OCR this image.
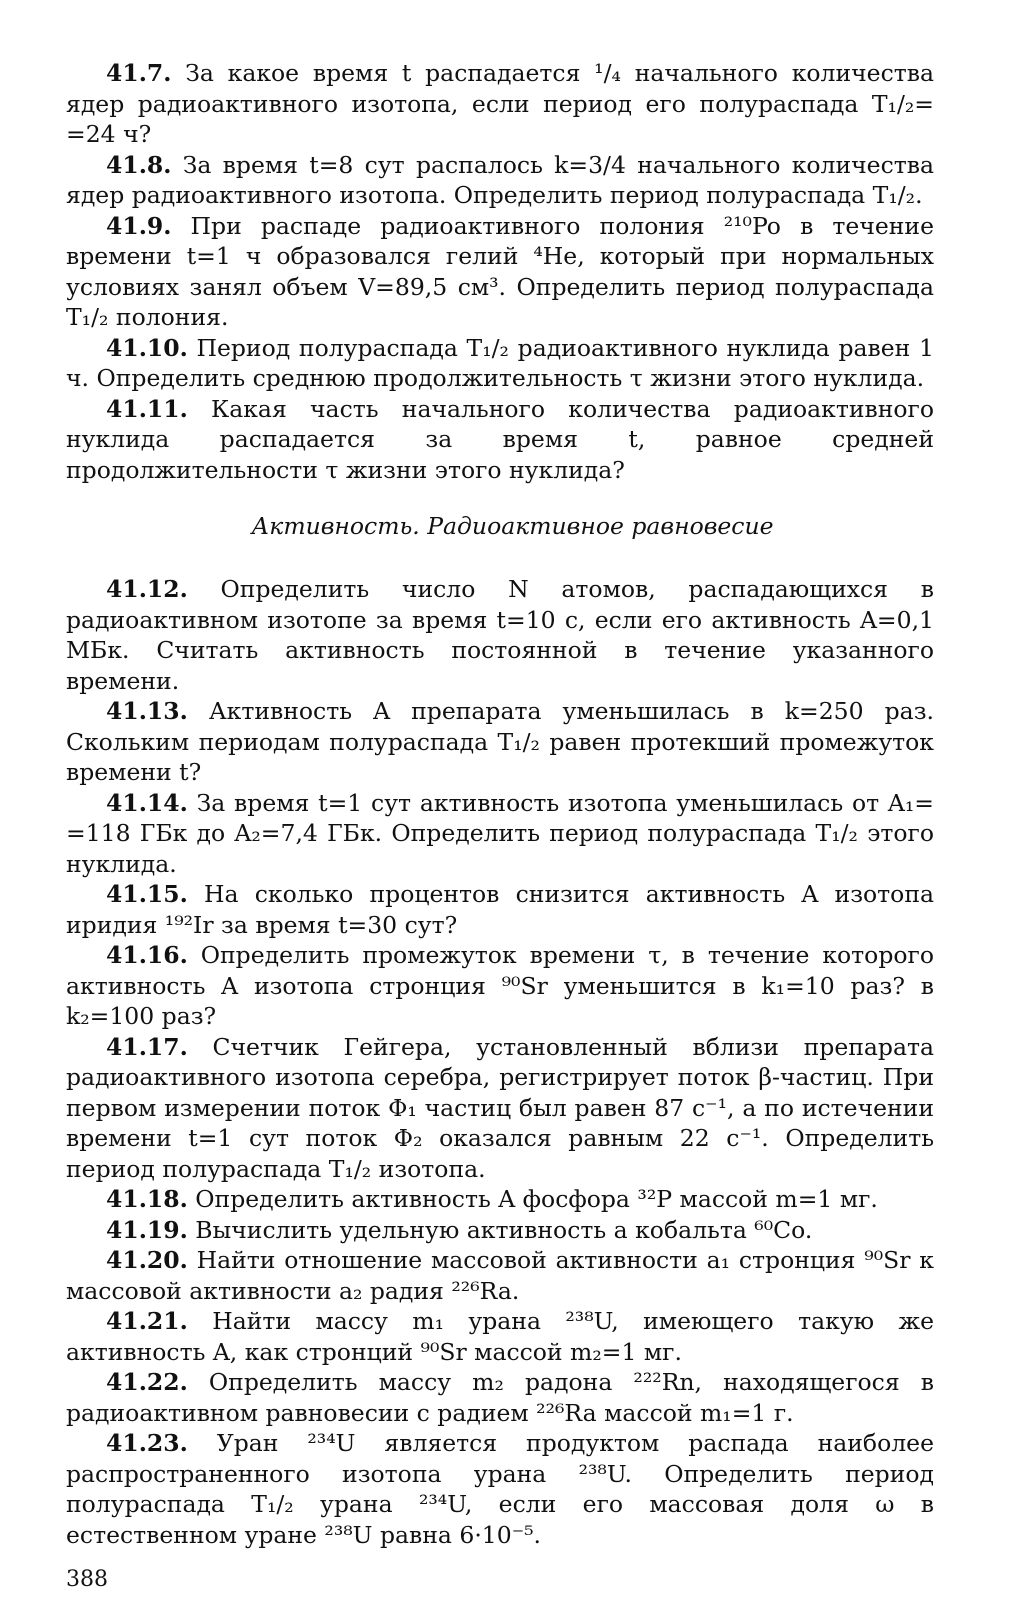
41.7. За какое время t распадается ¹/₄ начального количества ядер радиоактивного изотопа, если период его полураспада T₁/₂= =24 ч?

41.8. За время t=8 сут распалось k=3/4 начального количества ядер радиоактивного изотопа. Определить период полураспада T₁/₂.

41.9. При распаде радиоактивного полония ²¹⁰Po в течение времени t=1 ч образовался гелий ⁴He, который при нормальных условиях занял объем V=89,5 см³. Определить период полураспада T₁/₂ полония.

41.10. Период полураспада T₁/₂ радиоактивного нуклида равен 1 ч. Определить среднюю продолжительность τ жизни этого нуклида.

41.11. Какая часть начального количества радиоактивного нуклида распадается за время t, равное средней продолжительности τ жизни этого нуклида?

Активность. Радиоактивное равновесие

41.12. Определить число N атомов, распадающихся в радиоактивном изотопе за время t=10 с, если его активность A=0,1 МБк. Считать активность постоянной в течение указанного времени.

41.13. Активность A препарата уменьшилась в k=250 раз. Скольким периодам полураспада T₁/₂ равен протекший промежуток времени t?

41.14. За время t=1 сут активность изотопа уменьшилась от A₁= =118 ГБк до A₂=7,4 ГБк. Определить период полураспада T₁/₂ этого нуклида.

41.15. На сколько процентов снизится активность A изотопа иридия ¹⁹²Ir за время t=30 сут?

41.16. Определить промежуток времени τ, в течение которого активность A изотопа стронция ⁹⁰Sr уменьшится в k₁=10 раз? в k₂=100 раз?

41.17. Счетчик Гейгера, установленный вблизи препарата радиоактивного изотопа серебра, регистрирует поток β-частиц. При первом измерении поток Φ₁ частиц был равен 87 с⁻¹, а по истечении времени t=1 сут поток Φ₂ оказался равным 22 с⁻¹. Определить период полураспада T₁/₂ изотопа.

41.18. Определить активность A фосфора ³²P массой m=1 мг.

41.19. Вычислить удельную активность a кобальта ⁶⁰Co.

41.20. Найти отношение массовой активности a₁ стронция ⁹⁰Sr к массовой активности a₂ радия ²²⁶Ra.

41.21. Найти массу m₁ урана ²³⁸U, имеющего такую же активность A, как стронций ⁹⁰Sr массой m₂=1 мг.

41.22. Определить массу m₂ радона ²²²Rn, находящегося в радиоактивном равновесии с радием ²²⁶Ra массой m₁=1 г.

41.23. Уран ²³⁴U является продуктом распада наиболее распространенного изотопа урана ²³⁸U. Определить период полураспада T₁/₂ урана ²³⁴U, если его массовая доля ω в естественном уране ²³⁸U равна 6·10⁻⁵.

388
